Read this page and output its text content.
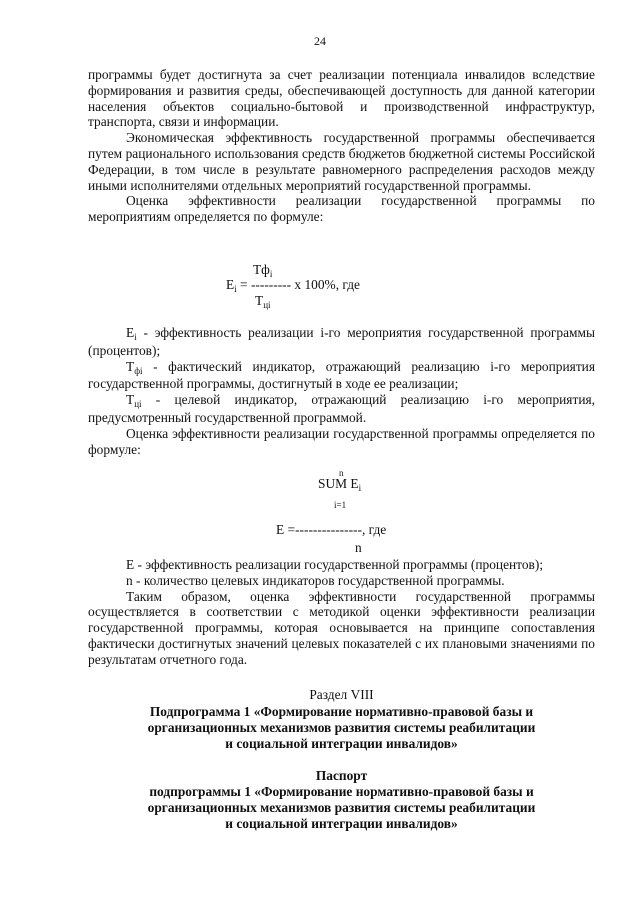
24

программы будет достигнута за счет реализации потенциала инвалидов вследствие формирования и развития среды, обеспечивающей доступность для данной категории населения объектов социально-бытовой и производственной инфраструктур, транспорта, связи и информации.

Экономическая эффективность государственной программы обеспечивается путем рационального использования средств бюджетов бюджетной системы Российской Федерации, в том числе в результате равномерного распределения расходов между иными исполнителями отдельных мероприятий государственной программы.

Оценка эффективности реализации государственной программы по мероприятиям определяется по формуле:

$Тф_i$
$E_i$ = --------- x 100%, где
$T_{цi}$

$E_i$ - эффективность реализации i-го мероприятия государственной программы (процентов);

$T_{фi}$ - фактический индикатор, отражающий реализацию i-го мероприятия государственной программы, достигнутый в ходе ее реализации;

$T_{цi}$ - целевой индикатор, отражающий реализацию i-го мероприятия, предусмотренный государственной программой.

Оценка эффективности реализации государственной программы определяется по формуле:

n
SUM $E_i$
i=1
E =---------------, где
n

E - эффективность реализации государственной программы (процентов);

n - количество целевых индикаторов государственной программы.

Таким образом, оценка эффективности государственной программы осуществляется в соответствии с методикой оценки эффективности реализации государственной программы, которая основывается на принципе сопоставления фактически достигнутых значений целевых показателей с их плановыми значениями по результатам отчетного года.

Раздел VIII
Подпрограмма 1 «Формирование нормативно-правовой базы и
организационных механизмов развития системы реабилитации
и социальной интеграции инвалидов»
Паспорт
подпрограммы 1 «Формирование нормативно-правовой базы и
организационных механизмов развития системы реабилитации
и социальной интеграции инвалидов»
